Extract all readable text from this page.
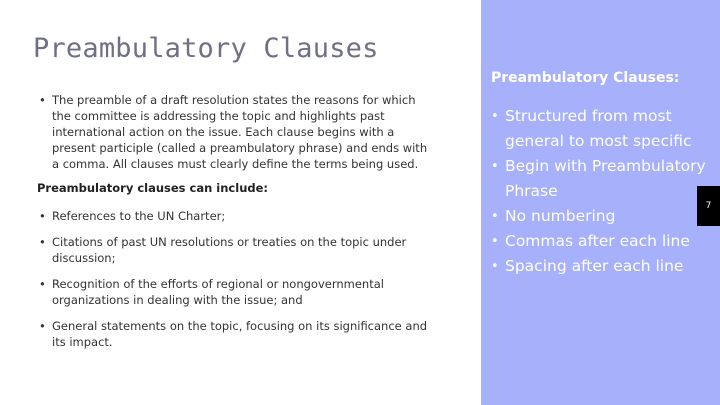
Preambulatory Clauses

• The preamble of a draft resolution states the reasons for which the committee is addressing the topic and highlights past international action on the issue. Each clause begins with a present participle (called a preambulatory phrase) and ends with a comma. All clauses must clearly define the terms being used.

Preambulatory clauses can include:

• References to the UN Charter;

• Citations of past UN resolutions or treaties on the topic under discussion;

• Recognition of the efforts of regional or nongovernmental organizations in dealing with the issue; and

• General statements on the topic, focusing on its significance and its impact.

Preambulatory Clauses:
• Structured from most general to most specific
• Begin with Preambulatory Phrase
• No numbering
• Commas after each line
• Spacing after each line
7
